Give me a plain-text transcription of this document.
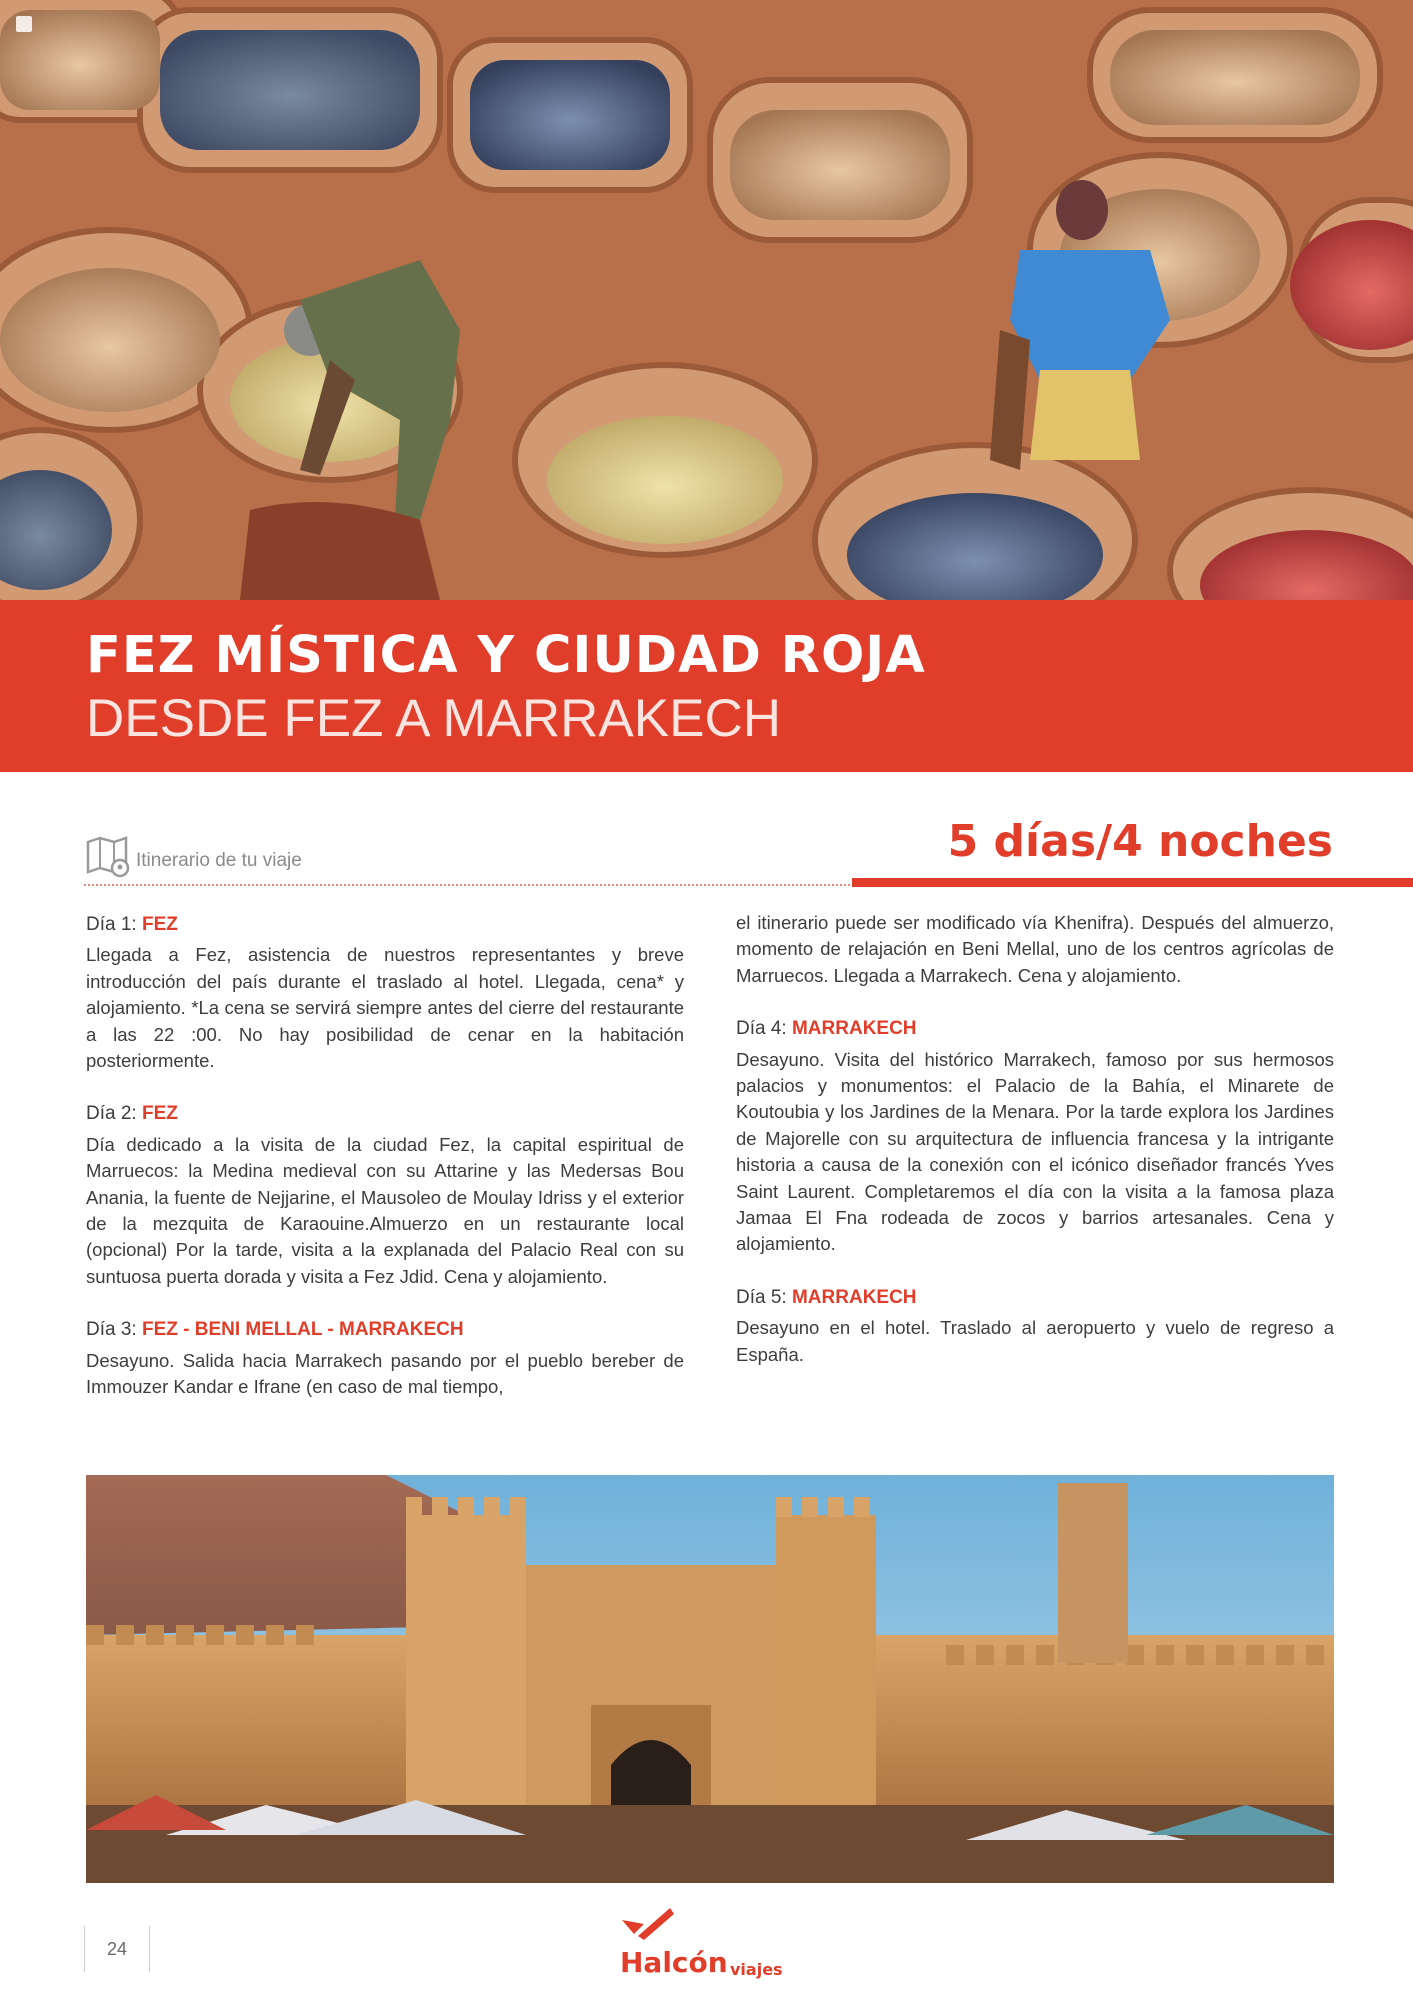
FEZ MÍSTICA Y CIUDAD ROJA
DESDE FEZ A MARRAKECH
Itinerario de tu viaje	5 días/4 noches
Día 1: FEZ
Llegada a Fez, asistencia de nuestros representantes y breve introducción del país durante el traslado al hotel. Llegada, cena* y alojamiento. *La cena se servirá siempre antes del cierre del restaurante a las 22 :00. No hay posibilidad de cenar en la habitación posteriormente.
Día 2: FEZ
Día dedicado a la visita de la ciudad Fez, la capital espiritual de Marruecos: la Medina medieval con su Attarine y las Medersas Bou Anania, la fuente de Nejjarine, el Mausoleo de Moulay Idriss y el exterior de la mezquita de Karaouine.Almuerzo en un restaurante local (opcional) Por la tarde, visita a la explanada del Palacio Real con su suntuosa puerta dorada y visita a Fez Jdid. Cena y alojamiento.
Día 3: FEZ - BENI MELLAL - MARRAKECH
Desayuno. Salida hacia Marrakech pasando por el pueblo bereber de Immouzer Kandar e Ifrane (en caso de mal tiempo,
el itinerario puede ser modificado vía Khenifra). Después del almuerzo, momento de relajación en Beni Mellal, uno de los centros agrícolas de Marruecos. Llegada a Marrakech. Cena y alojamiento.
Día 4: MARRAKECH
Desayuno. Visita del histórico Marrakech, famoso por sus hermosos palacios y monumentos: el Palacio de la Bahía, el Minarete de Koutoubia y los Jardines de la Menara. Por la tarde explora los Jardines de Majorelle con su arquitectura de influencia francesa y la intrigante historia a causa de la conexión con el icónico diseñador francés Yves Saint Laurent. Completaremos el día con la visita a la famosa plaza Jamaa El Fna rodeada de zocos y barrios artesanales. Cena y alojamiento.
Día 5: MARRAKECH
Desayuno en el hotel. Traslado al aeropuerto y vuelo de regreso a España.
24	Halcón viajes
